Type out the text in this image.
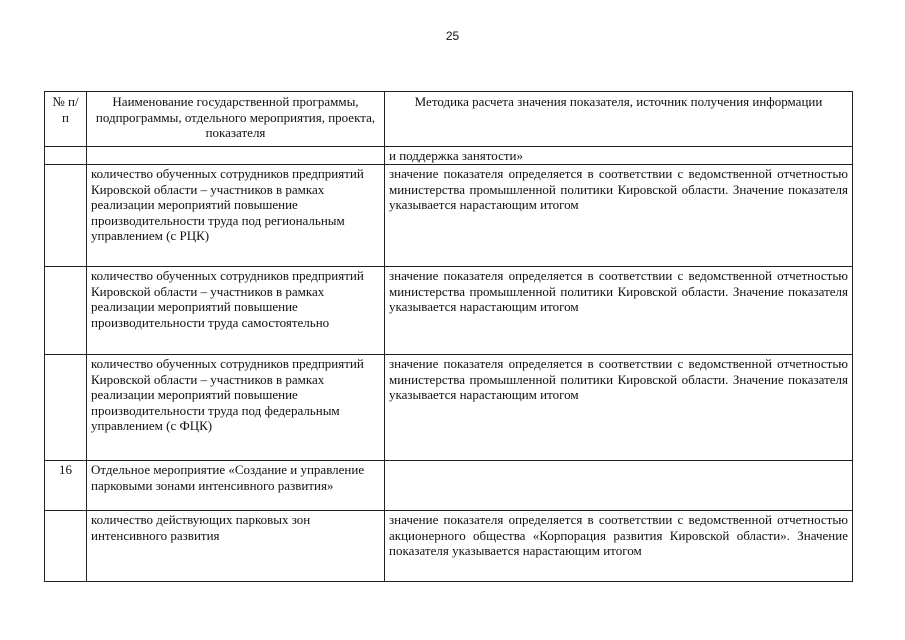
25
№ п/п	Наименование государственной программы, подпрограммы, отдельного мероприятия, проекта, показателя	Методика расчета значения показателя, источник получения информации
		и поддержка занятости»
	количество обученных сотрудников предприятий Кировской области – участников в рамках реализации мероприятий повышение производительности труда под региональным управлением (с РЦК)	значение показателя определяется в соответствии с ведомственной отчетностью министерства промышленной политики Кировской области. Значение показателя указывается нарастающим итогом
	количество обученных сотрудников предприятий Кировской области – участников в рамках реализации мероприятий повышение производительности труда самостоятельно	значение показателя определяется в соответствии с ведомственной отчетностью министерства промышленной политики Кировской области. Значение показателя указывается нарастающим итогом
	количество обученных сотрудников предприятий Кировской области – участников в рамках реализации мероприятий повышение производительности труда под федеральным управлением (с ФЦК)	значение показателя определяется в соответствии с ведомственной отчетностью министерства промышленной политики Кировской области. Значение показателя указывается нарастающим итогом
16	Отдельное мероприятие «Создание и управление парковыми зонами интенсивного развития»	
	количество действующих парковых зон интенсивного развития	значение показателя определяется в соответствии с ведомственной отчетностью акционерного общества «Корпорация развития Кировской области». Значение показателя указывается нарастающим итогом
